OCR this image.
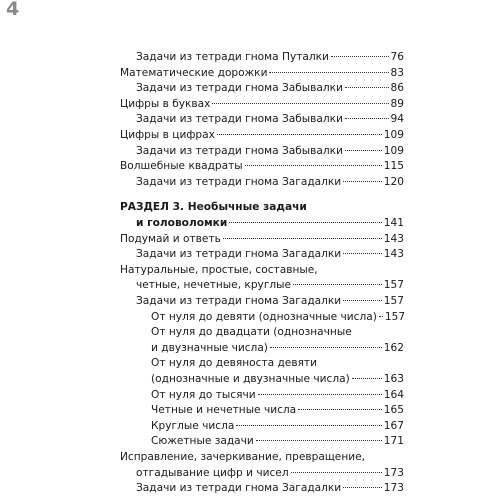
4
Задачи из тетради гнома Путалки	76
Математические дорожки	83
Задачи из тетради гнома Забывалки	86
Цифры в буквах	89
Задачи из тетради гнома Забывалки	94
Цифры в цифрах	109
Задачи из тетради гнома Забывалки	109
Волшебные квадраты	115
Задачи из тетради гнома Загадалки	120
РАЗДЕЛ 3. Необычные задачи
и головоломки	141
Подумай и ответь	143
Задачи из тетради гнома Загадалки	143
Натуральные, простые, составные,
четные, нечетные, круглые	157
Задачи из тетради гнома Загадалки	157
От нуля до девяти (однозначные числа) 157
От нуля до двадцати (однозначные
и двузначные числа)	162
От нуля до девяноста девяти
(однозначные и двузначные числа)	163
От нуля до тысячи	164
Четные и нечетные числа	165
Круглые числа	167
Сюжетные задачи	171
Исправление, зачеркивание, превращение,
отгадывание цифр и чисел	173
Задачи из тетради гнома Загадалки	173
